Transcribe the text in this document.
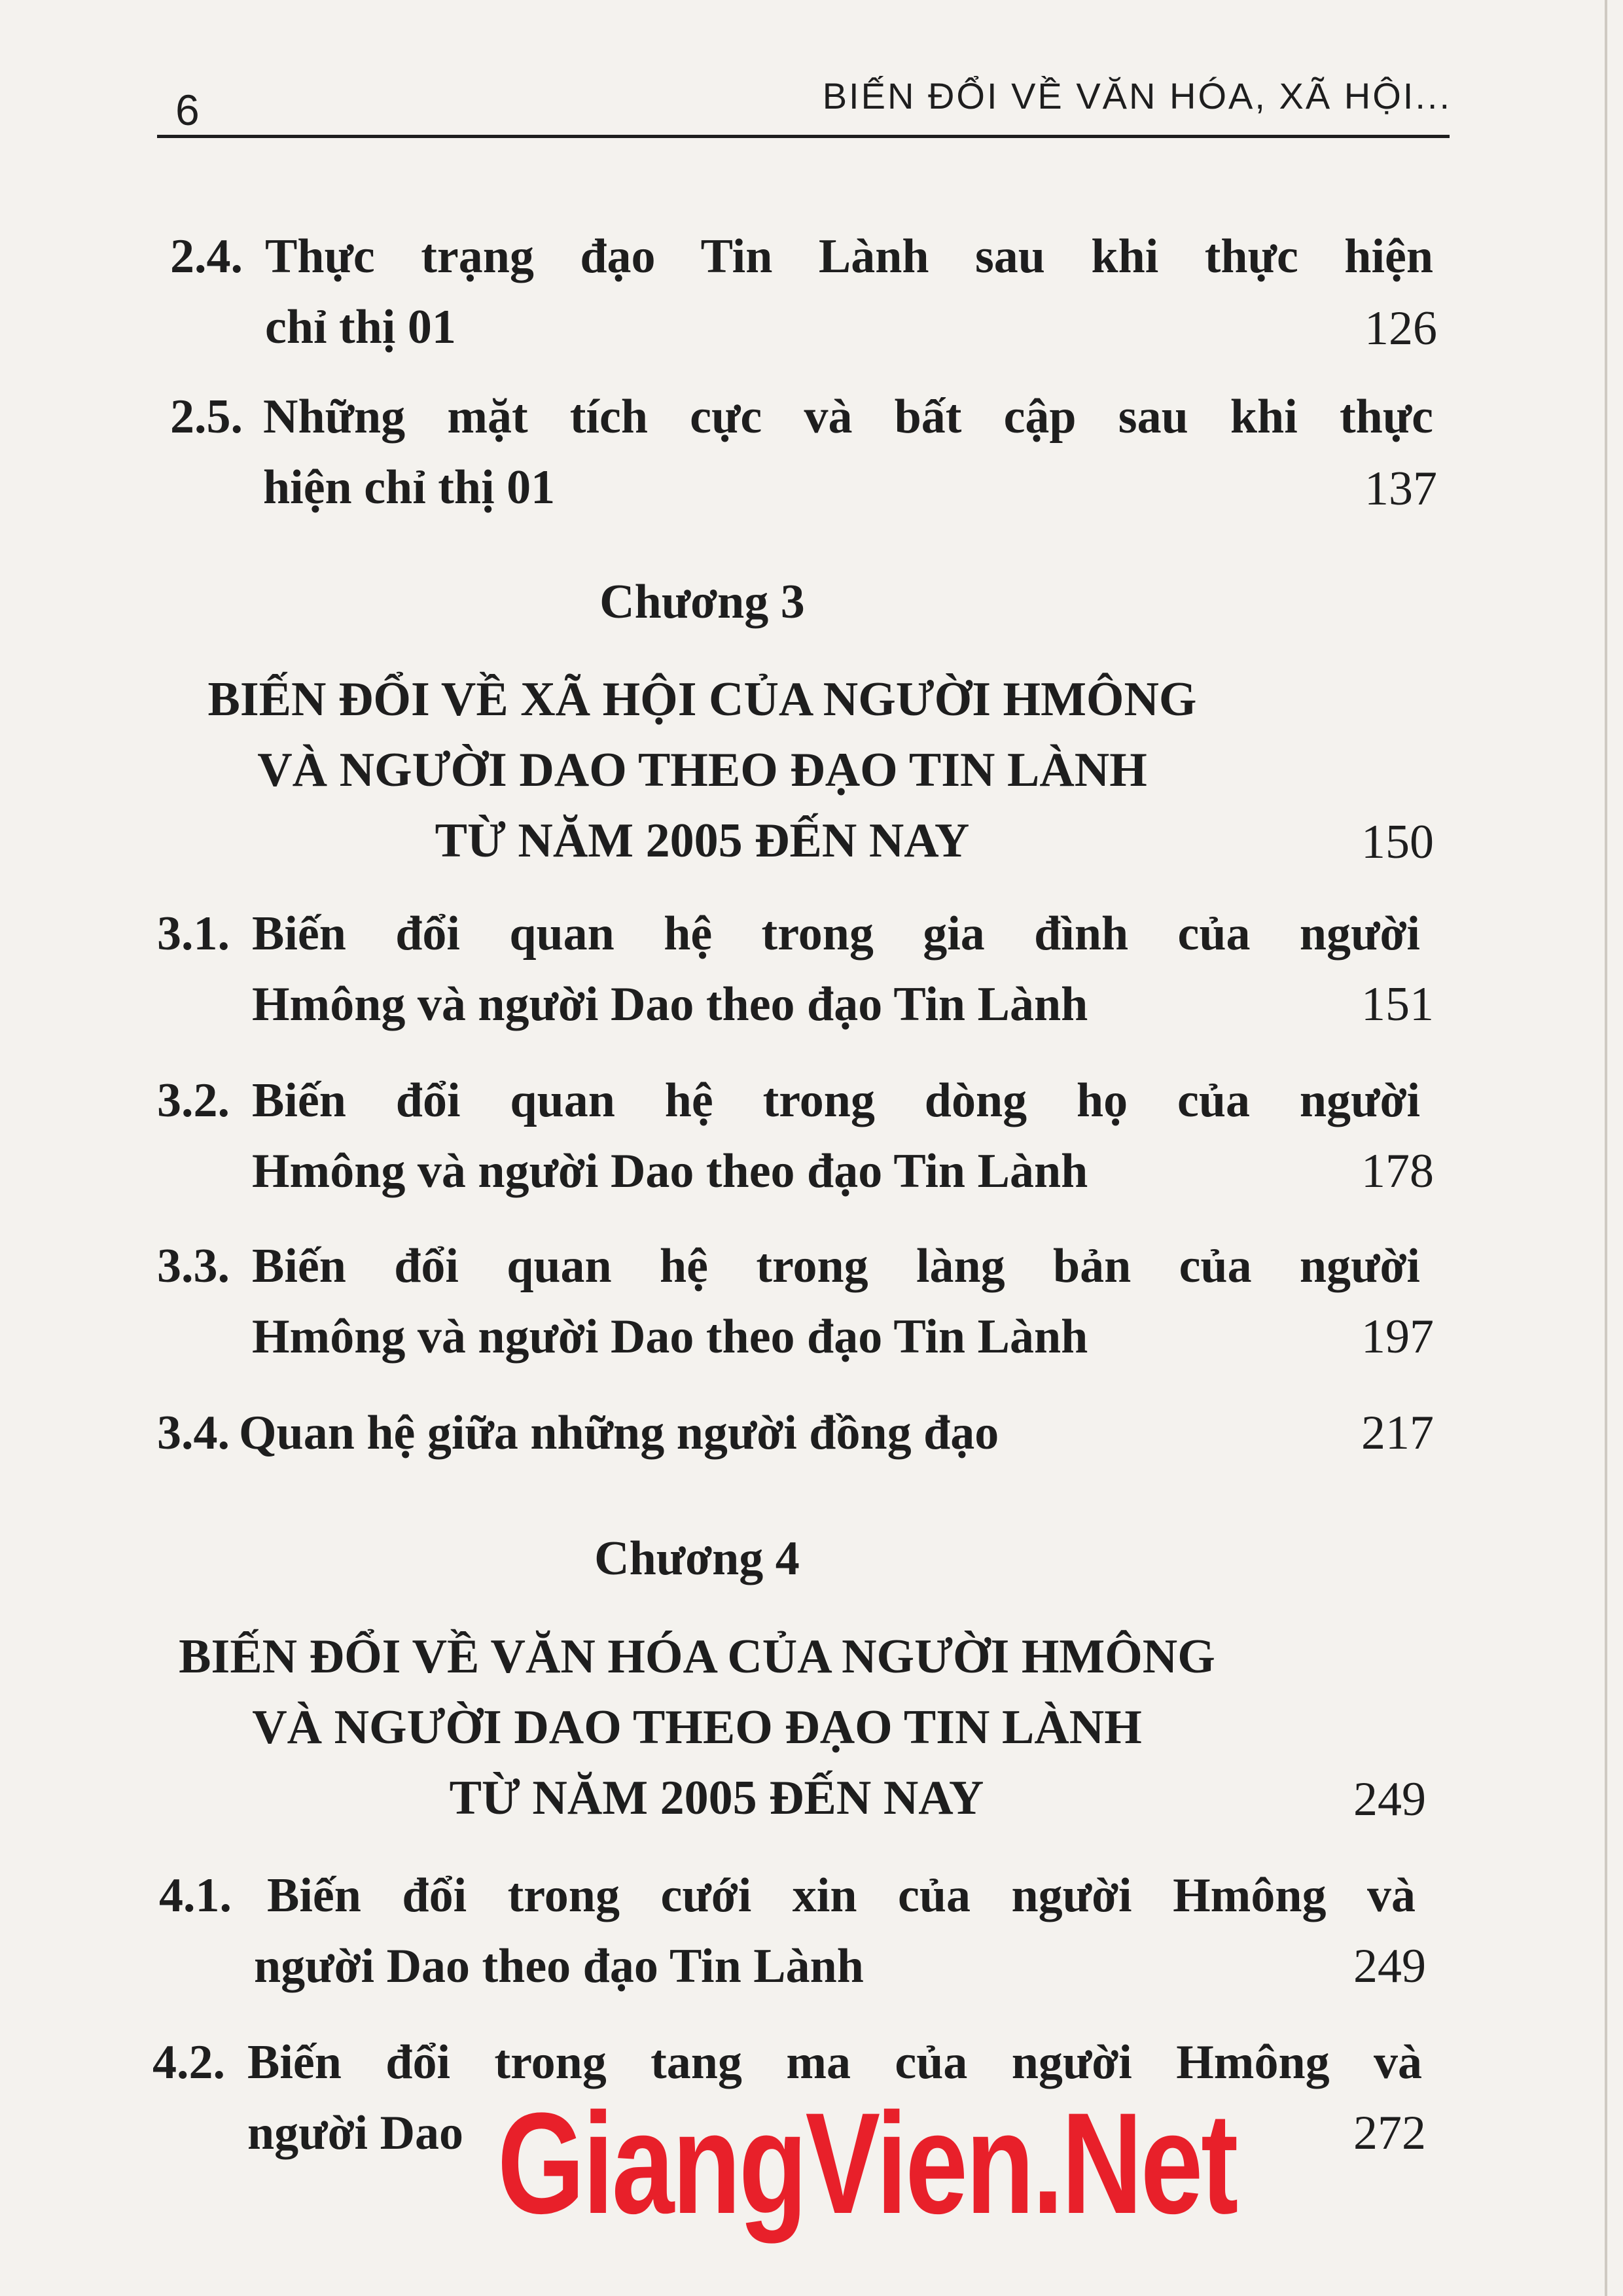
6	BIẾN ĐỔI VỀ VĂN HÓA, XÃ HỘI...
2.4. Thực trạng đạo Tin Lành sau khi thực hiện
chỉ thị 01	126
2.5. Những mặt tích cực và bất cập sau khi thực
hiện chỉ thị 01	137
Chương 3
BIẾN ĐỔI VỀ XÃ HỘI CỦA NGƯỜI HMÔNG
VÀ NGƯỜI DAO THEO ĐẠO TIN LÀNH
TỪ NĂM 2005 ĐẾN NAY	150
3.1. Biến đổi quan hệ trong gia đình của người
Hmông và người Dao theo đạo Tin Lành	151
3.2. Biến đổi quan hệ trong dòng họ của người
Hmông và người Dao theo đạo Tin Lành	178
3.3. Biến đổi quan hệ trong làng bản của người
Hmông và người Dao theo đạo Tin Lành	197
3.4. Quan hệ giữa những người đồng đạo	217
Chương 4
BIẾN ĐỔI VỀ VĂN HÓA CỦA NGƯỜI HMÔNG
VÀ NGƯỜI DAO THEO ĐẠO TIN LÀNH
TỪ NĂM 2005 ĐẾN NAY	249
4.1. Biến đổi trong cưới xin của người Hmông và
người Dao theo đạo Tin Lành	249
4.2. Biến đổi trong tang ma của người Hmông và
người Dao	272
GiangVien.Net
